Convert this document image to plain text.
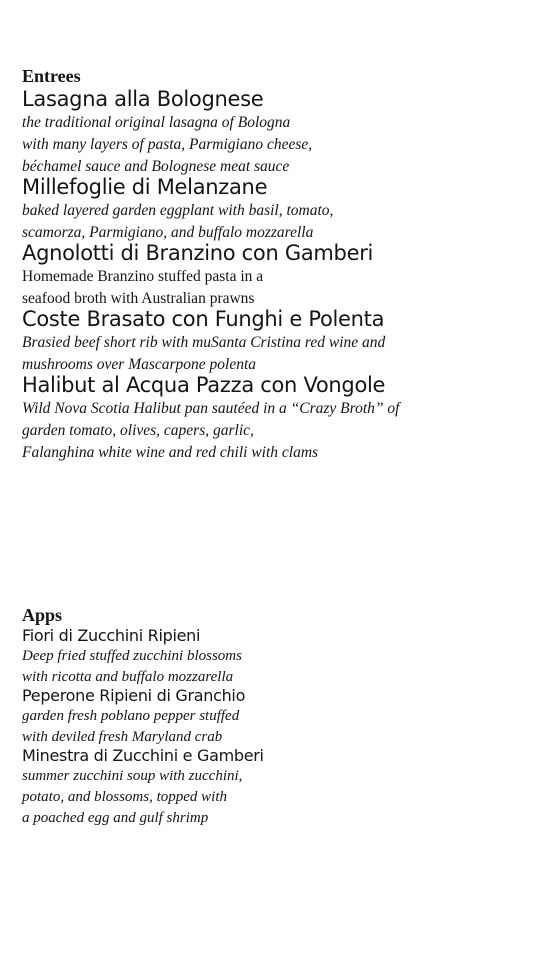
Entrees
Lasagna alla Bolognese

the traditional original lasagna of Bologna
with many layers of pasta, Parmigiano cheese,
béchamel sauce and Bolognese meat sauce

Millefoglie di Melanzane

baked layered garden eggplant with basil, tomato,
scamorza, Parmigiano, and buffalo mozzarella

Agnolotti di Branzino con Gamberi

Homemade Branzino stuffed pasta in a
seafood broth with Australian prawns

Coste Brasato con Funghi e Polenta

Brasied beef short rib with muSanta Cristina red wine and
mushrooms over Mascarpone polenta

Halibut al Acqua Pazza con Vongole

Wild Nova Scotia Halibut pan sautéed in a “Crazy Broth” of
garden tomato, olives, capers, garlic,
Falanghina white wine and red chili with clams

Apps
Fiori di Zucchini Ripieni

Deep fried stuffed zucchini blossoms
with ricotta and buffalo mozzarella

Peperone Ripieni di Granchio

garden fresh poblano pepper stuffed
with deviled fresh Maryland crab

Minestra di Zucchini e Gamberi

summer zucchini soup with zucchini,
potato, and blossoms, topped with
a poached egg and gulf shrimp
